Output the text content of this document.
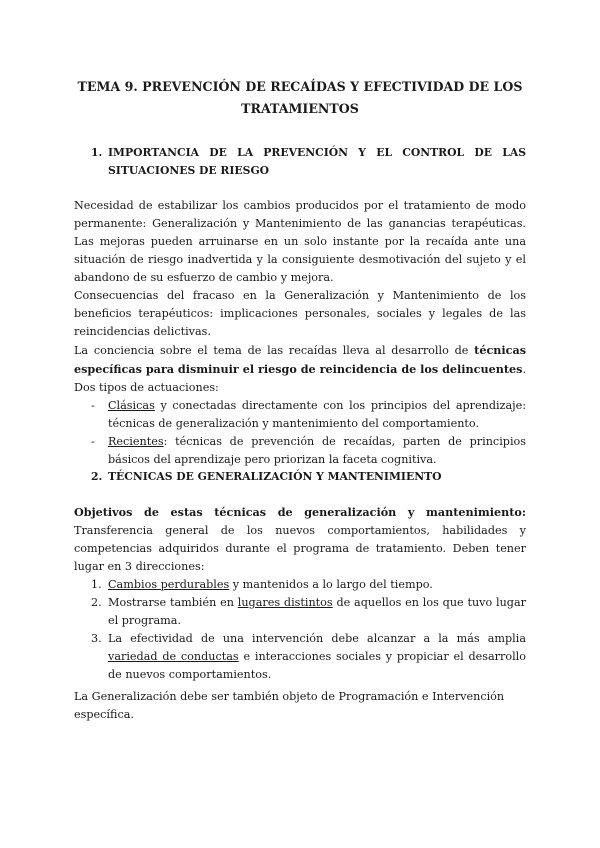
TEMA 9. PREVENCIÓN DE RECAÍDAS Y EFECTIVIDAD DE LOS TRATAMIENTOS
1. IMPORTANCIA DE LA PREVENCIÓN Y EL CONTROL DE LAS SITUACIONES DE RIESGO

Necesidad de estabilizar los cambios producidos por el tratamiento de modo permanente: Generalización y Mantenimiento de las ganancias terapéuticas. Las mejoras pueden arruinarse en un solo instante por la recaída ante una situación de riesgo inadvertida y la consiguiente desmotivación del sujeto y el abandono de su esfuerzo de cambio y mejora.

Consecuencias del fracaso en la Generalización y Mantenimiento de los beneficios terapéuticos: implicaciones personales, sociales y legales de las reincidencias delictivas.

La conciencia sobre el tema de las recaídas lleva al desarrollo de técnicas específicas para disminuir el riesgo de reincidencia de los delincuentes. Dos tipos de actuaciones:

- Clásicas y conectadas directamente con los principios del aprendizaje: técnicas de generalización y mantenimiento del comportamiento.
- Recientes: técnicas de prevención de recaídas, parten de principios básicos del aprendizaje pero priorizan la faceta cognitiva.
2. TÉCNICAS DE GENERALIZACIÓN Y MANTENIMIENTO

Objetivos de estas técnicas de generalización y mantenimiento: Transferencia general de los nuevos comportamientos, habilidades y competencias adquiridos durante el programa de tratamiento. Deben tener lugar en 3 direcciones:

1. Cambios perdurables y mantenidos a lo largo del tiempo.
2. Mostrarse también en lugares distintos de aquellos en los que tuvo lugar el programa.
3. La efectividad de una intervención debe alcanzar a la más amplia variedad de conductas e interacciones sociales y propiciar el desarrollo de nuevos comportamientos.

La Generalización debe ser también objeto de Programación e Intervención específica.
